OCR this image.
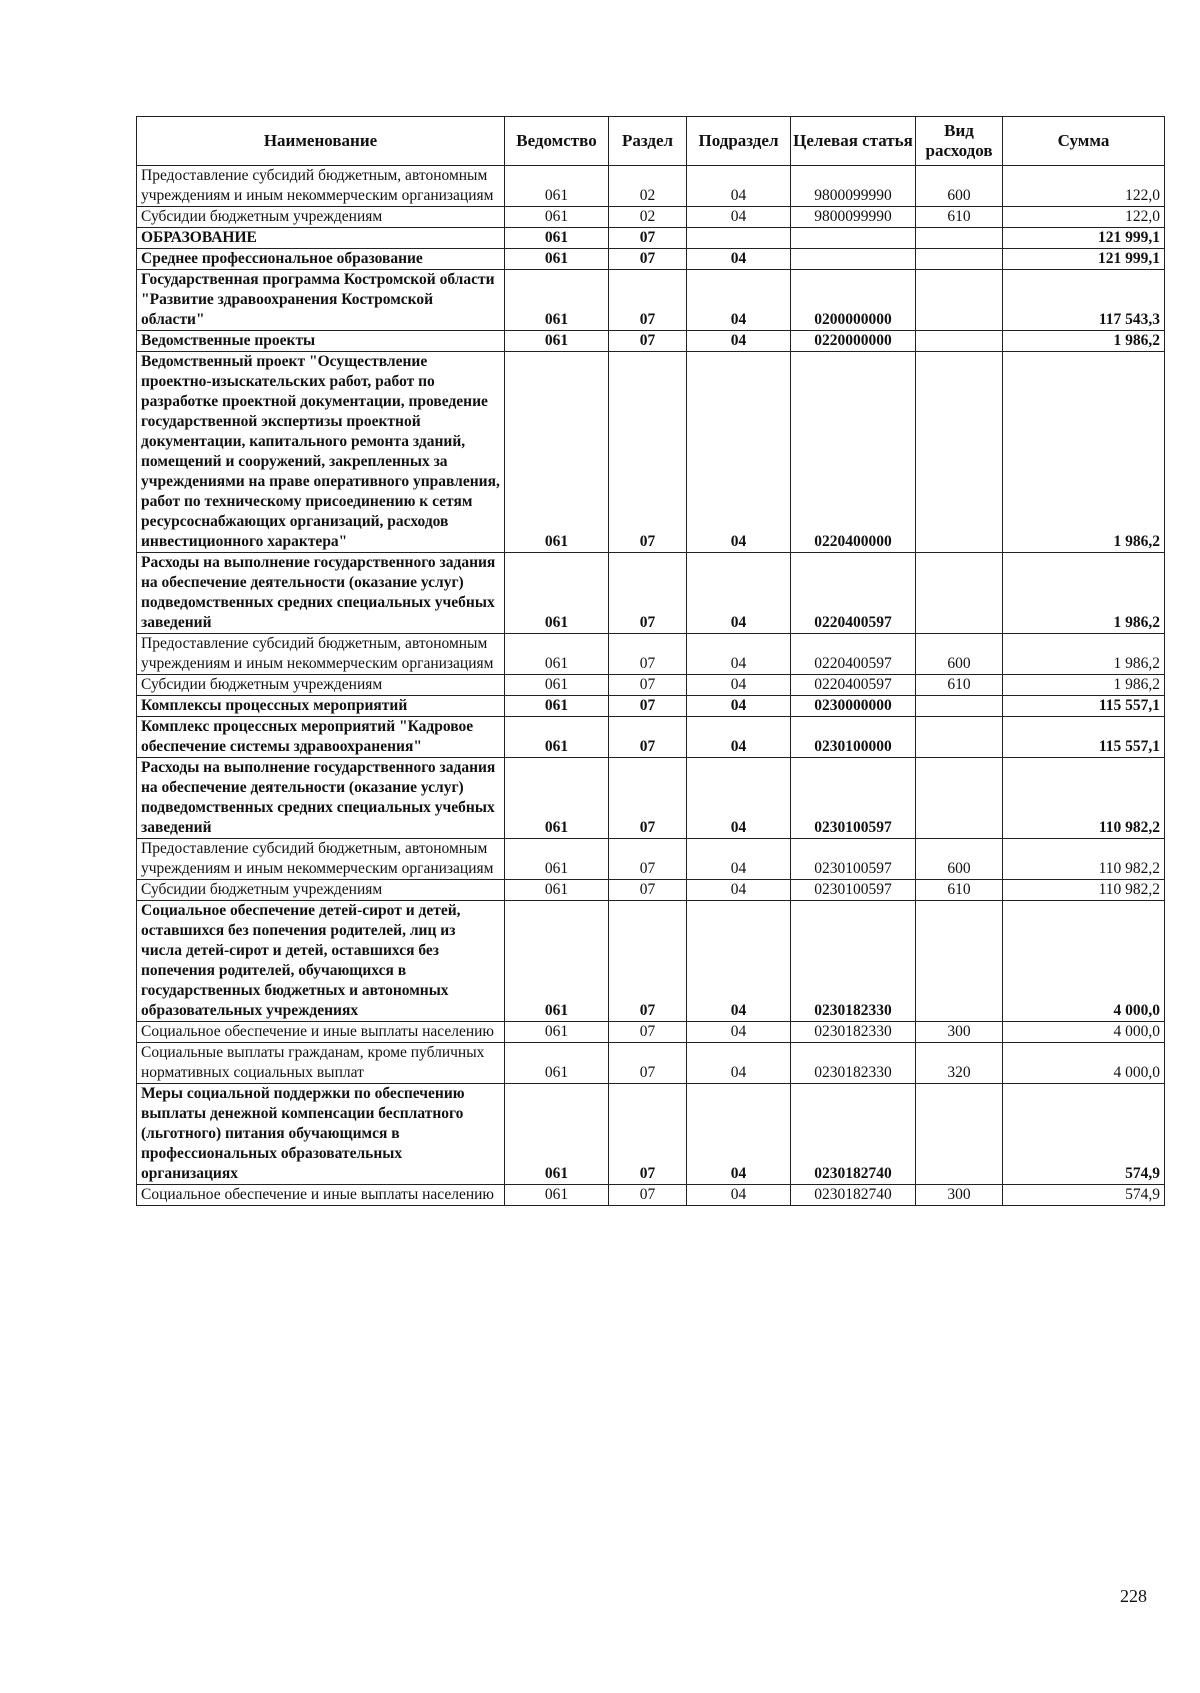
Наименование	Ведомство	Раздел	Подраздел	Целевая статья	Вид расходов	Сумма
Предоставление субсидий бюджетным, автономным учреждениям и иным некоммерческим организациям	061	02	04	9800099990	600	122,0
Субсидии бюджетным учреждениям	061	02	04	9800099990	610	122,0
ОБРАЗОВАНИЕ	061	07				121 999,1
Среднее профессиональное образование	061	07	04			121 999,1
Государственная программа Костромской области "Развитие здравоохранения Костромской области"	061	07	04	0200000000		117 543,3
Ведомственные проекты	061	07	04	0220000000		1 986,2
Ведомственный проект "Осуществление проектно-изыскательских работ, работ по разработке проектной документации, проведение государственной экспертизы проектной документации, капитального ремонта зданий, помещений и сооружений, закрепленных за учреждениями на праве оперативного управления, работ по техническому присоединению к сетям ресурсоснабжающих организаций, расходов инвестиционного характера"	061	07	04	0220400000		1 986,2
Расходы на выполнение государственного задания на обеспечение деятельности (оказание услуг) подведомственных средних специальных учебных заведений	061	07	04	0220400597		1 986,2
Предоставление субсидий бюджетным, автономным учреждениям и иным некоммерческим организациям	061	07	04	0220400597	600	1 986,2
Субсидии бюджетным учреждениям	061	07	04	0220400597	610	1 986,2
Комплексы процессных мероприятий	061	07	04	0230000000		115 557,1
Комплекс процессных мероприятий "Кадровое обеспечение системы здравоохранения"	061	07	04	0230100000		115 557,1
Расходы на выполнение государственного задания на обеспечение деятельности (оказание услуг) подведомственных средних специальных учебных заведений	061	07	04	0230100597		110 982,2
Предоставление субсидий бюджетным, автономным учреждениям и иным некоммерческим организациям	061	07	04	0230100597	600	110 982,2
Субсидии бюджетным учреждениям	061	07	04	0230100597	610	110 982,2
Социальное обеспечение детей-сирот и детей, оставшихся без попечения родителей, лиц из числа детей-сирот и детей, оставшихся без попечения родителей, обучающихся в государственных бюджетных и автономных образовательных учреждениях	061	07	04	0230182330		4 000,0
Социальное обеспечение и иные выплаты населению	061	07	04	0230182330	300	4 000,0
Социальные выплаты гражданам, кроме публичных нормативных социальных выплат	061	07	04	0230182330	320	4 000,0
Меры социальной поддержки по обеспечению выплаты денежной компенсации бесплатного (льготного) питания обучающимся в профессиональных образовательных организациях	061	07	04	0230182740		574,9
Социальное обеспечение и иные выплаты населению	061	07	04	0230182740	300	574,9
228
